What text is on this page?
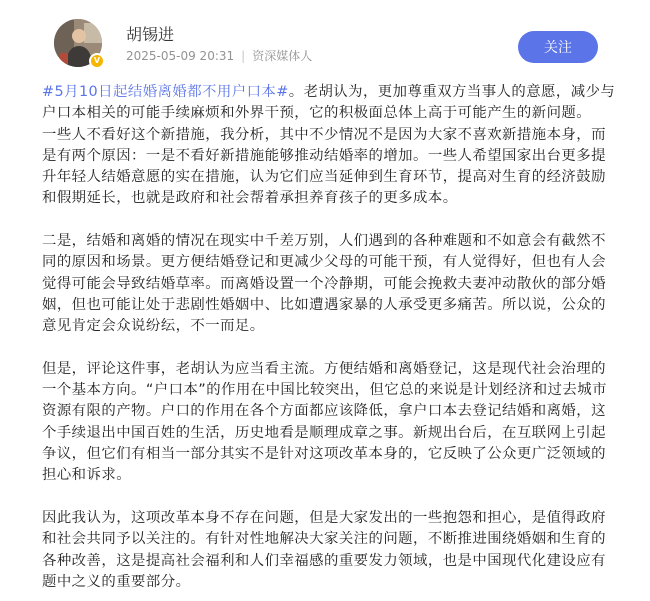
V
胡锡进
2025-05-09 20:31 | 资深媒体人	关注

#5月10日起结婚离婚都不用户口本#。老胡认为，更加尊重双方当事人的意愿，减少与户口本相关的可能手续麻烦和外界干预，它的积极面总体上高于可能产生的新问题。

一些人不看好这个新措施，我分析，其中不少情况不是因为大家不喜欢新措施本身，而是有两个原因：一是不看好新措施能够推动结婚率的增加。一些人希望国家出台更多提升年轻人结婚意愿的实在措施，认为它们应当延伸到生育环节，提高对生育的经济鼓励和假期延长，也就是政府和社会帮着承担养育孩子的更多成本。

二是，结婚和离婚的情况在现实中千差万别，人们遇到的各种难题和不如意会有截然不同的原因和场景。更方便结婚登记和更减少父母的可能干预，有人觉得好，但也有人会觉得可能会导致结婚草率。而离婚设置一个冷静期，可能会挽救夫妻冲动散伙的部分婚姻，但也可能让处于悲剧性婚姻中、比如遭遇家暴的人承受更多痛苦。所以说，公众的意见肯定会众说纷纭，不一而足。

但是，评论这件事，老胡认为应当看主流。方便结婚和离婚登记，这是现代社会治理的一个基本方向。“户口本”的作用在中国比较突出，但它总的来说是计划经济和过去城市资源有限的产物。户口的作用在各个方面都应该降低，拿户口本去登记结婚和离婚，这个手续退出中国百姓的生活，历史地看是顺理成章之事。新规出台后，在互联网上引起争议，但它们有相当一部分其实不是针对这项改革本身的，它反映了公众更广泛领域的担心和诉求。

因此我认为，这项改革本身不存在问题，但是大家发出的一些抱怨和担心，是值得政府和社会共同予以关注的。有针对性地解决大家关注的问题，不断推进围绕婚姻和生育的各种改善，这是提高社会福利和人们幸福感的重要发力领域，也是中国现代化建设应有题中之义的重要部分。
